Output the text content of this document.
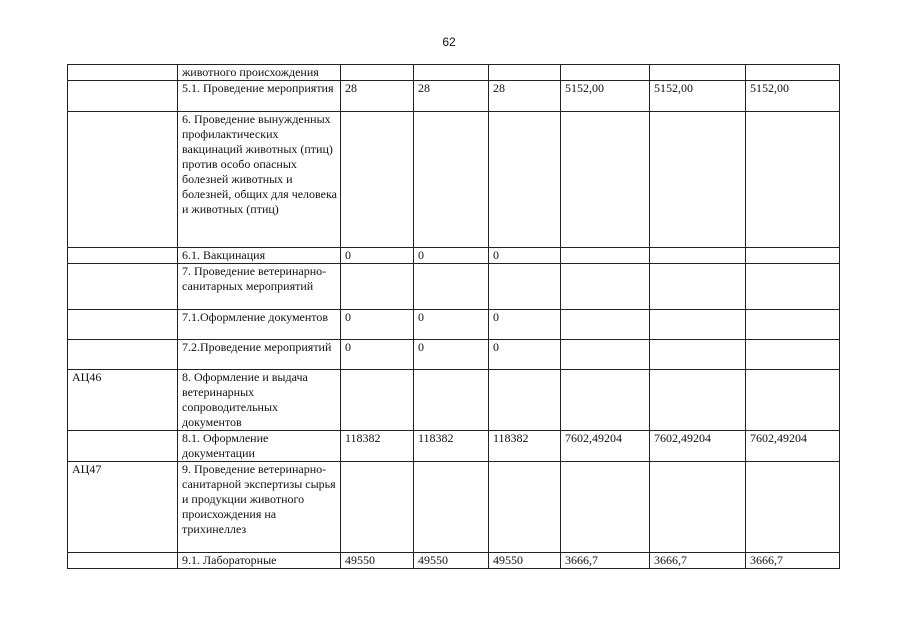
62
	животного происхождения						
	5.1. Проведение мероприятия	28	28	28	5152,00	5152,00	5152,00
	6. Проведение вынужденных профилактических вакцинаций животных (птиц) против особо опасных болезней животных и болезней, общих для человека и животных (птиц)						
	6.1. Вакцинация	0	0	0			
	7. Проведение ветеринарно-санитарных мероприятий						
	7.1.Оформление документов	0	0	0			
	7.2.Проведение мероприятий	0	0	0			
АЦ46	8. Оформление и выдача ветеринарных сопроводительных документов						
	8.1. Оформление документации	118382	118382	118382	7602,49204	7602,49204	7602,49204
АЦ47	9. Проведение ветеринарно-санитарной экспертизы сырья и продукции животного происхождения на трихинеллез						
	9.1. Лабораторные	49550	49550	49550	3666,7	3666,7	3666,7
